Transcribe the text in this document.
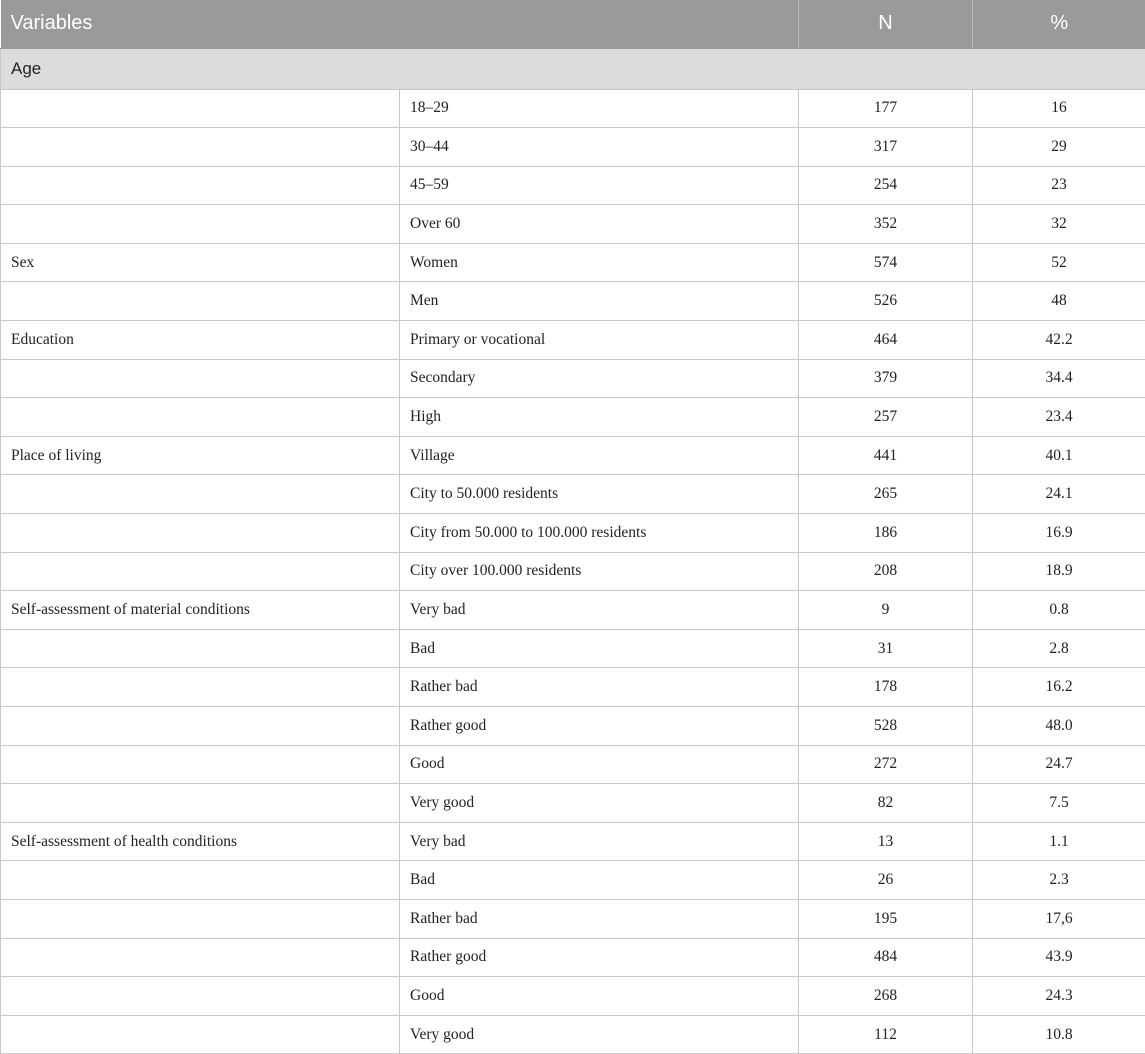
Variables		N	%
Age			
	18–29	177	16
	30–44	317	29
	45–59	254	23
	Over 60	352	32
Sex	Women	574	52
	Men	526	48
Education	Primary or vocational	464	42.2
	Secondary	379	34.4
	High	257	23.4
Place of living	Village	441	40.1
	City to 50.000 residents	265	24.1
	City from 50.000 to 100.000 residents	186	16.9
	City over 100.000 residents	208	18.9
Self-assessment of material conditions	Very bad	9	0.8
	Bad	31	2.8
	Rather bad	178	16.2
	Rather good	528	48.0
	Good	272	24.7
	Very good	82	7.5
Self-assessment of health conditions	Very bad	13	1.1
	Bad	26	2.3
	Rather bad	195	17,6
	Rather good	484	43.9
	Good	268	24.3
	Very good	112	10.8
